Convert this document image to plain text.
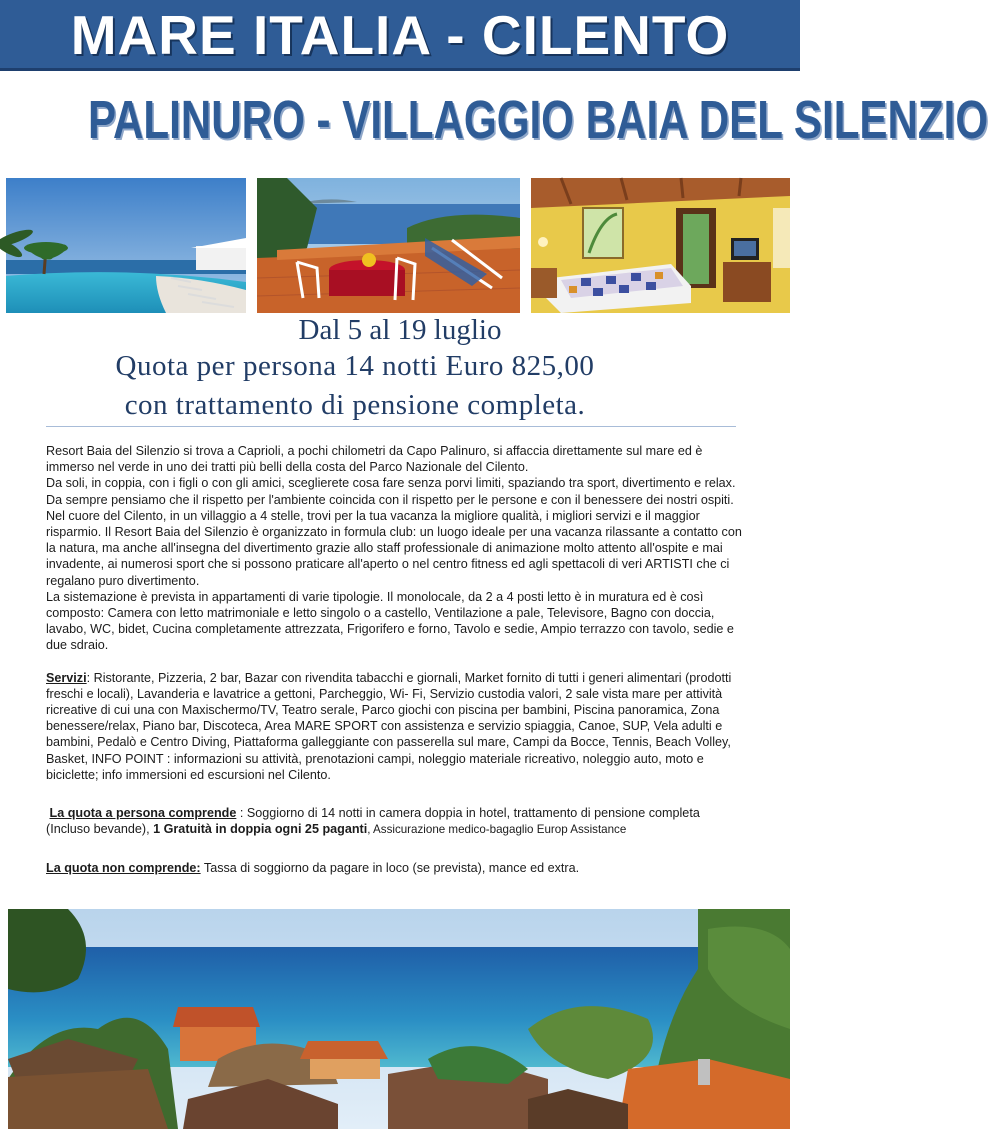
MARE ITALIA - CILENTO
PALINURO - VILLAGGIO BAIA DEL SILENZIO
Dal 5 al 19 luglio
Quota per persona 14 notti Euro 825,00
con trattamento di pensione completa.

Resort Baia del Silenzio si trova a Caprioli, a pochi chilometri da Capo Palinuro, si affaccia direttamente sul mare ed è immerso nel verde in uno dei tratti più belli della costa del Parco Nazionale del Cilento.

Da soli, in coppia, con i figli o con gli amici, sceglierete cosa fare senza porvi limiti, spaziando tra sport, divertimento e relax. Da sempre pensiamo che il rispetto per l'ambiente coincida con il rispetto per le persone e con il benessere dei nostri ospiti. Nel cuore del Cilento, in un villaggio a 4 stelle, trovi per la tua vacanza la migliore qualità, i migliori servizi e il maggior risparmio. Il Resort Baia del Silenzio è organizzato in formula club: un luogo ideale per una vacanza rilassante a contatto con la natura, ma anche all'insegna del divertimento grazie allo staff professionale di animazione molto attento all'ospite e mai invadente, ai numerosi sport che si possono praticare all'aperto o nel centro fitness ed agli spettacoli di veri ARTISTI che ci regalano puro divertimento.

La sistemazione è prevista in appartamenti di varie tipologie. Il monolocale, da 2 a 4 posti letto è in muratura ed è così composto: Camera con letto matrimoniale e letto singolo o a castello, Ventilazione a pale, Televisore, Bagno con doccia, lavabo, WC, bidet, Cucina completamente attrezzata, Frigorifero e forno, Tavolo e sedie, Ampio terrazzo con tavolo, sedie e due sdraio.

Servizi: Ristorante, Pizzeria, 2 bar, Bazar con rivendita tabacchi e giornali, Market fornito di tutti i generi alimentari (prodotti freschi e locali), Lavanderia e lavatrice a gettoni, Parcheggio, Wi- Fi, Servizio custodia valori, 2 sale vista mare per attività ricreative di cui una con Maxischermo/TV, Teatro serale, Parco giochi con piscina per bambini, Piscina panoramica, Zona benessere/relax, Piano bar, Discoteca, Area MARE SPORT con assistenza e servizio spiaggia, Canoe, SUP, Vela adulti e bambini, Pedalò e Centro Diving, Piattaforma galleggiante con passerella sul mare, Campi da Bocce, Tennis, Beach Volley, Basket, INFO POINT : informazioni su attività, prenotazioni campi, noleggio materiale ricreativo, noleggio auto, moto e biciclette; info immersioni ed escursioni nel Cilento.

La quota a persona comprende : Soggiorno di 14 notti in camera doppia in hotel, trattamento di pensione completa (Incluso bevande), 1 Gratuità in doppia ogni 25 paganti, Assicurazione medico-bagaglio Europ Assistance

La quota non comprende: Tassa di soggiorno da pagare in loco (se prevista), mance ed extra.
